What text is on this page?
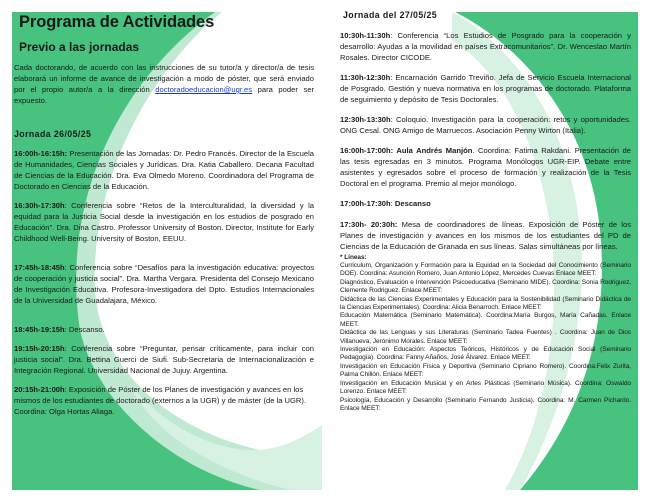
Programa de Actividades
Previo a las jornadas

Cada doctorando, de acuerdo con las instrucciones de su tutor/a y director/a de tesis elaborará un informe de avance de investigación a modo de póster, que será enviado por el propio autor/a a la dirección doctoradoeducacion@ugr.es para poder ser expuesto.

Jornada 26/05/25

16:00h-16:15h: Presentación de las Jornadas: Dr. Pedro Francés. Director de la Escuela de Humanidades, Ciencias Sociales y Jurídicas. Dra. Katia Caballero. Decana Facultad de Ciencias de la Educación. Dra. Eva Olmedo Moreno. Coordinadora del Programa de Doctorado en Ciencias de la Educación.

16:30h-17:30h: Conferencia sobre “Retos de la Interculturalidad, la diversidad y la equidad para la Justicia Social desde la investigación en los estudios de posgrado en Educación”. Dra. Dina Castro. Professor University of Boston. Director, Institute for Early Childhood Well-Being. University of Boston, EEUU.

17:45h-18:45h: Conferencia sobre “Desafíos para la investigación educativa: proyectos de cooperación y justicia social”. Dra. Martha Vergara. Presidenta del Consejo Mexicano de Investigación Educativa. Profesora-Investigadora del Dpto. Estudios Internacionales de la Universidad de Guadalajara, México.

18:45h-19:15h: Descanso.

19:15h-20:15h: Conferencia sobre “Preguntar, pensar críticamente, para incluir con justicia social”. Dra. Bettina Guerci de Siufi. Sub-Secretaria de Internacionalización e Integración Regional. Universidad Nacional de Jujuy. Argentina.

20:15h-21:00h: Exposición de Póster de los Planes de investigación y avances en los mismos de los estudiantes de doctorado (externos a la UGR) y de máster (de la UGR). Coordina: Olga Hortas Aliaga.

Jornada del 27/05/25

10:30h-11:30h: Conferencia “Los Estudios de Posgrado para la cooperación y desarrollo: Ayudas a la movilidad en países Extracomunitarios”. Dr. Wenceslao Martín Rosales. Director CICODE.

11:30h-12:30h: Encarnación Garrido Treviño. Jefa de Servicio Escuela Internacional de Posgrado. Gestión y nueva normativa en los programas de doctorado. Plataforma de seguimiento y depósito de Tesis Doctorales.

12:30h-13:30h: Coloquio. Investigación para la cooperación: retos y oportunidades. ONG Cesal. ONG Amigo de Marruecos. Asociación Penny Wirton (Italia).

16:00h-17:00h: Aula Andrés Manjón. Coordina: Fatima Rakdani. Presentación de las tesis egresadas en 3 minutos. Programa Monólogos UGR-EIP. Debate entre asistentes y egresados sobre el proceso de formación y realización de la Tesis Doctoral en el programa. Premio al mejor monólogo.

17:00h-17:30h: Descanso

17:30h- 20:30h: Mesa de coordinadores de líneas. Exposición de Póster de los Planes de investigación y avances en los mismos de los estudiantes del PD de Ciencias de la Educación de Granada en sus líneas. Salas simultáneas por líneas.

* Líneas:

Curriculum, Organización y Formación para la Equidad en la Sociedad del Conocimiento (Seminario DOE). Coordina: Asunción Romero, Juan Antonio López, Mercedes Cuevas Enlace MEET:

Diagnóstico, Evaluación e Intervención Psicoeducativa (Seminario MIDE). Coordina: Sonia Rodriguez, Clemente Rodriguez. Enlace MEET:

Didáctica de las Ciencias Experimentales y Educación para la Sostenibilidad (Seminario Didáctica de la Ciencias Experimentales). Coordina: Alicia Benarroch. Enlace MEET:

Educación Matemática (Seminario Matemática). Coordina:María Burgos, María Cañadas. Enlace MEET.

Didáctica de las Lenguas y sus Literaturas (Seminario Tadea Fuentes) . Coordina: Juan de Dios Villanueva, Jerónimo Morales. Enlace MEET:

Investigación en Educación: Aspectos Teóricos, Históricos y de Educación Social (Seminario Pedagogía). Coordina: Fanny Añaños, José Álvarez. Enlace MEET:

Investigación en Educación Física y Deportiva (Seminario Cipriano Romero). Coordina:Felix Zurita, Palma Chillón. Enlace MEET:

Investigación en Educación Musical y en Artes Plásticas (Seminario Música). Coordina: Oswaldo Lorenzo. Enlace MEET:

Psicología, Educación y Desarrollo (Seminario Fernando Justicia). Coordina: M. Carmen Pichardo. Enlace MEET:
